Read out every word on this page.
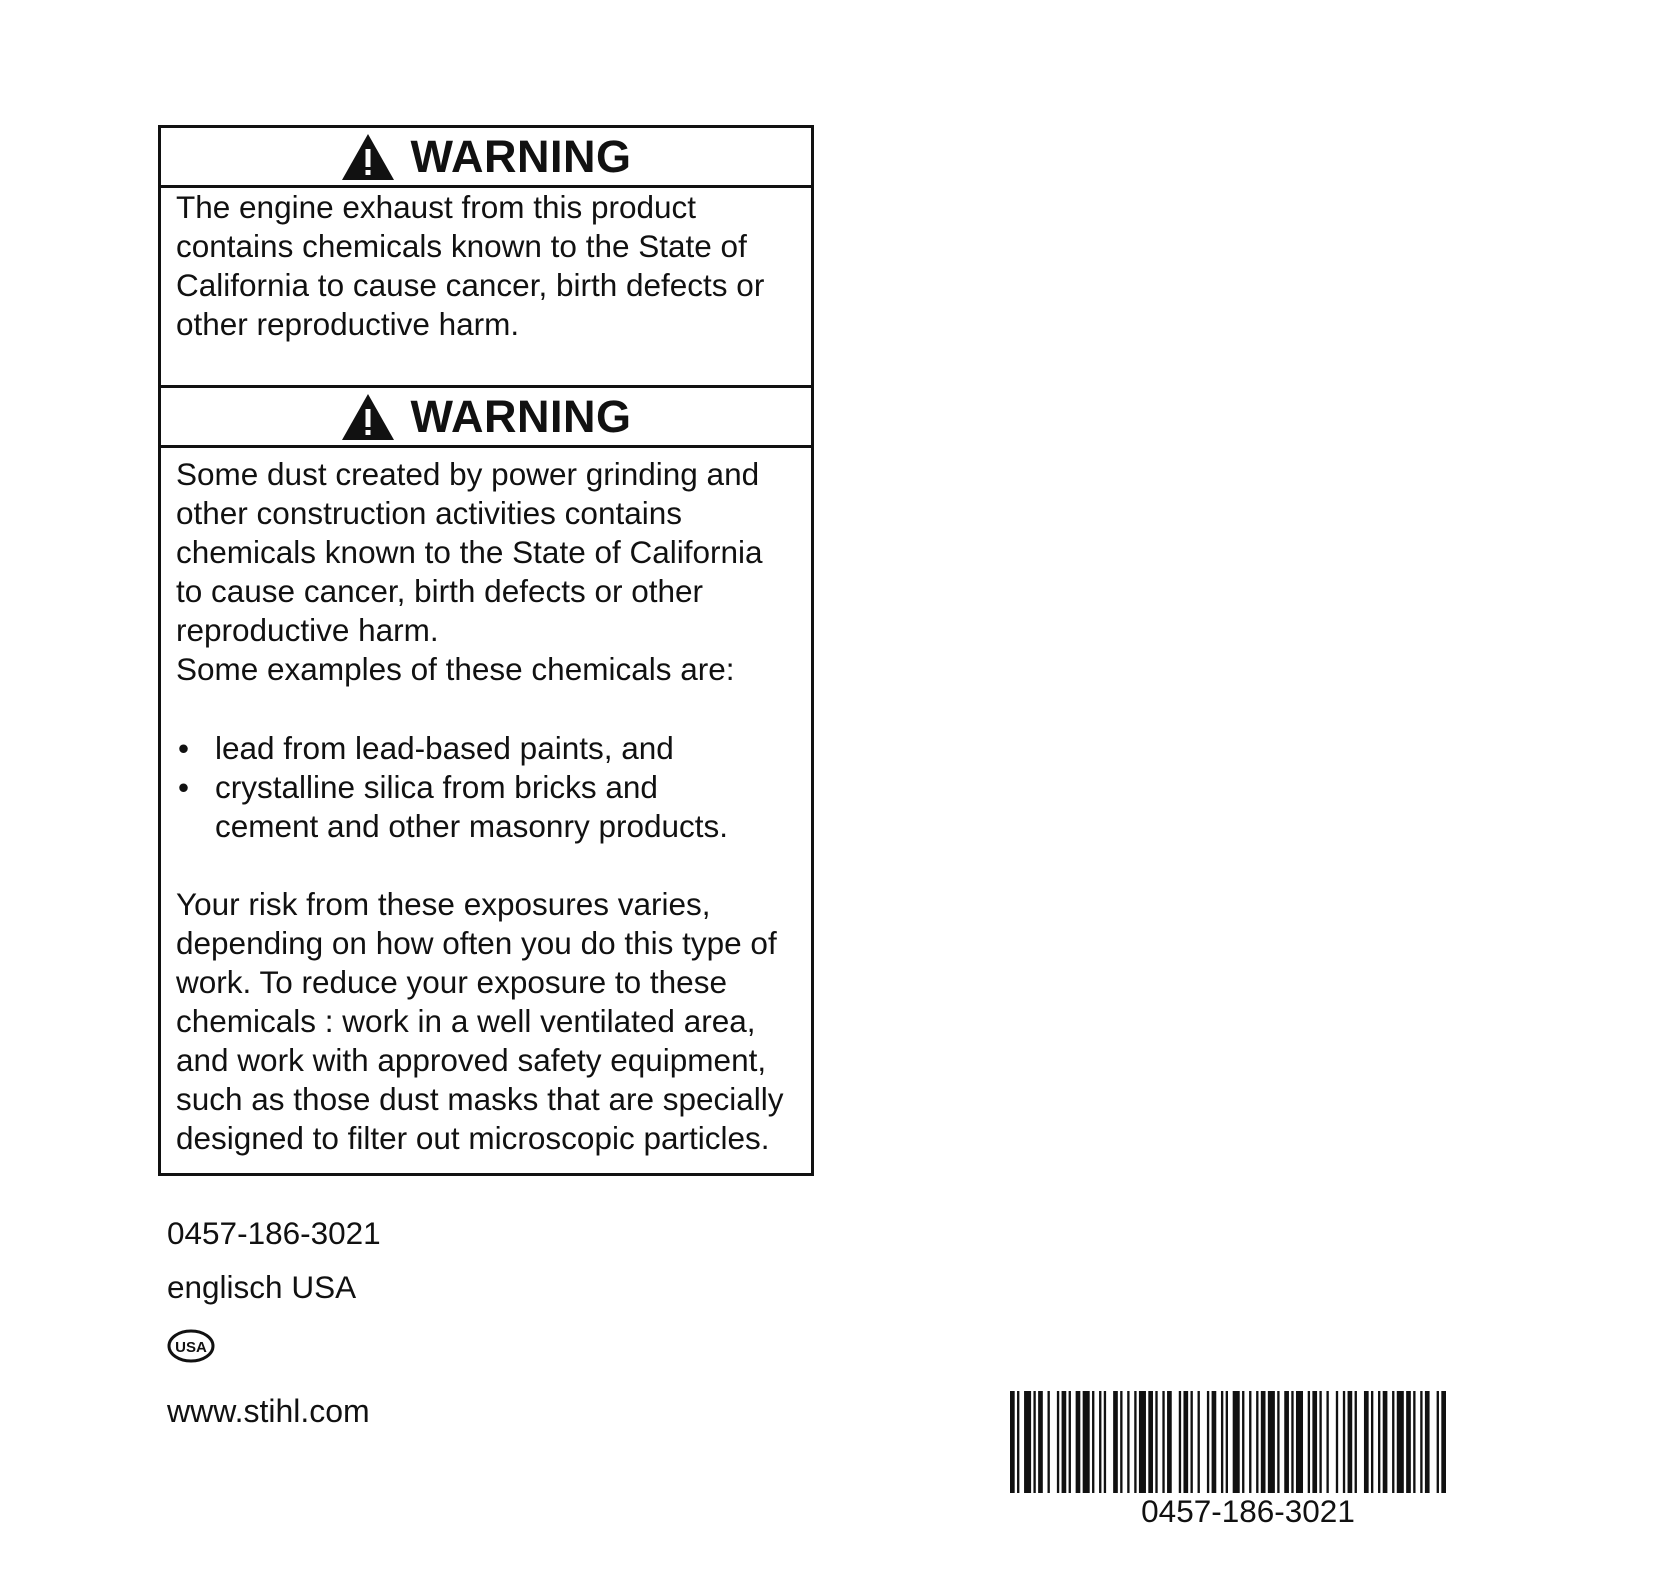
WARNING
The engine exhaust from this product
contains chemicals known to the State of
California to cause cancer, birth defects or
other reproductive harm.
WARNING
Some dust created by power grinding and
other construction activities contains
chemicals known to the State of California
to cause cancer, birth defects or other
reproductive harm.
Some examples of these chemicals are:
• lead from lead-based paints, and
• crystalline silica from bricks and
cement and other masonry products.
Your risk from these exposures varies,
depending on how often you do this type of
work. To reduce your exposure to these
chemicals : work in a well ventilated area,
and work with approved safety equipment,
such as those dust masks that are specially
designed to filter out microscopic particles.
0457-186-3021
englisch USA
USA
www.stihl.com
0457-186-3021
